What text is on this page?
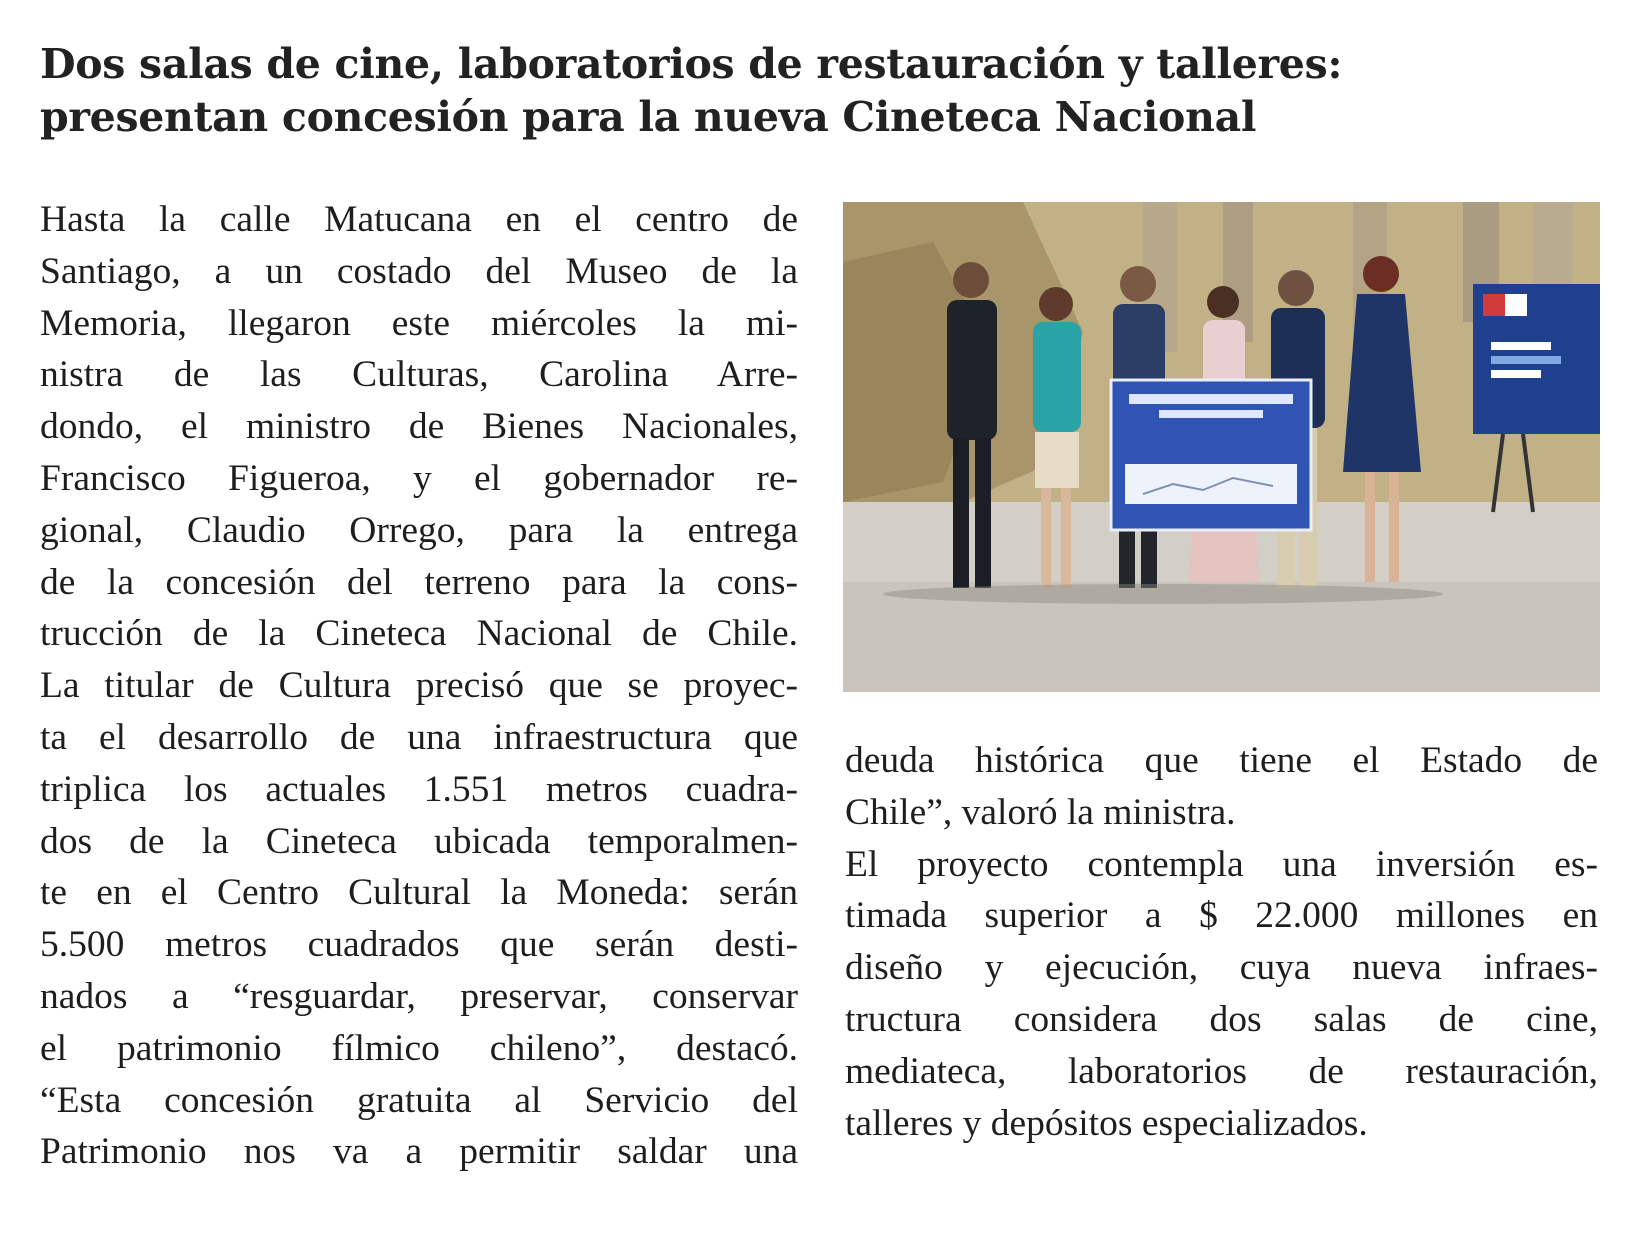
Dos salas de cine, laboratorios de restauración y talleres:
presentan concesión para la nueva Cineteca Nacional
Hasta la calle Matucana en el centro de
Santiago, a un costado del Museo de la
Memoria, llegaron este miércoles la mi-
nistra de las Culturas, Carolina Arre-
dondo, el ministro de Bienes Nacionales,
Francisco Figueroa, y el gobernador re-
gional, Claudio Orrego, para la entrega
de la concesión del terreno para la cons-
trucción de la Cineteca Nacional de Chile.
La titular de Cultura precisó que se proyec-
ta el desarrollo de una infraestructura que
triplica los actuales 1.551 metros cuadra-
dos de la Cineteca ubicada temporalmen-
te en el Centro Cultural la Moneda: serán
5.500 metros cuadrados que serán desti-
nados a “resguardar, preservar, conservar
el patrimonio fílmico chileno”, destacó.
“Esta concesión gratuita al Servicio del
Patrimonio nos va a permitir saldar una
deuda histórica que tiene el Estado de
Chile”, valoró la ministra.
El proyecto contempla una inversión es-
timada superior a $ 22.000 millones en
diseño y ejecución, cuya nueva infraes-
tructura considera dos salas de cine,
mediateca, laboratorios de restauración,
talleres y depósitos especializados.
